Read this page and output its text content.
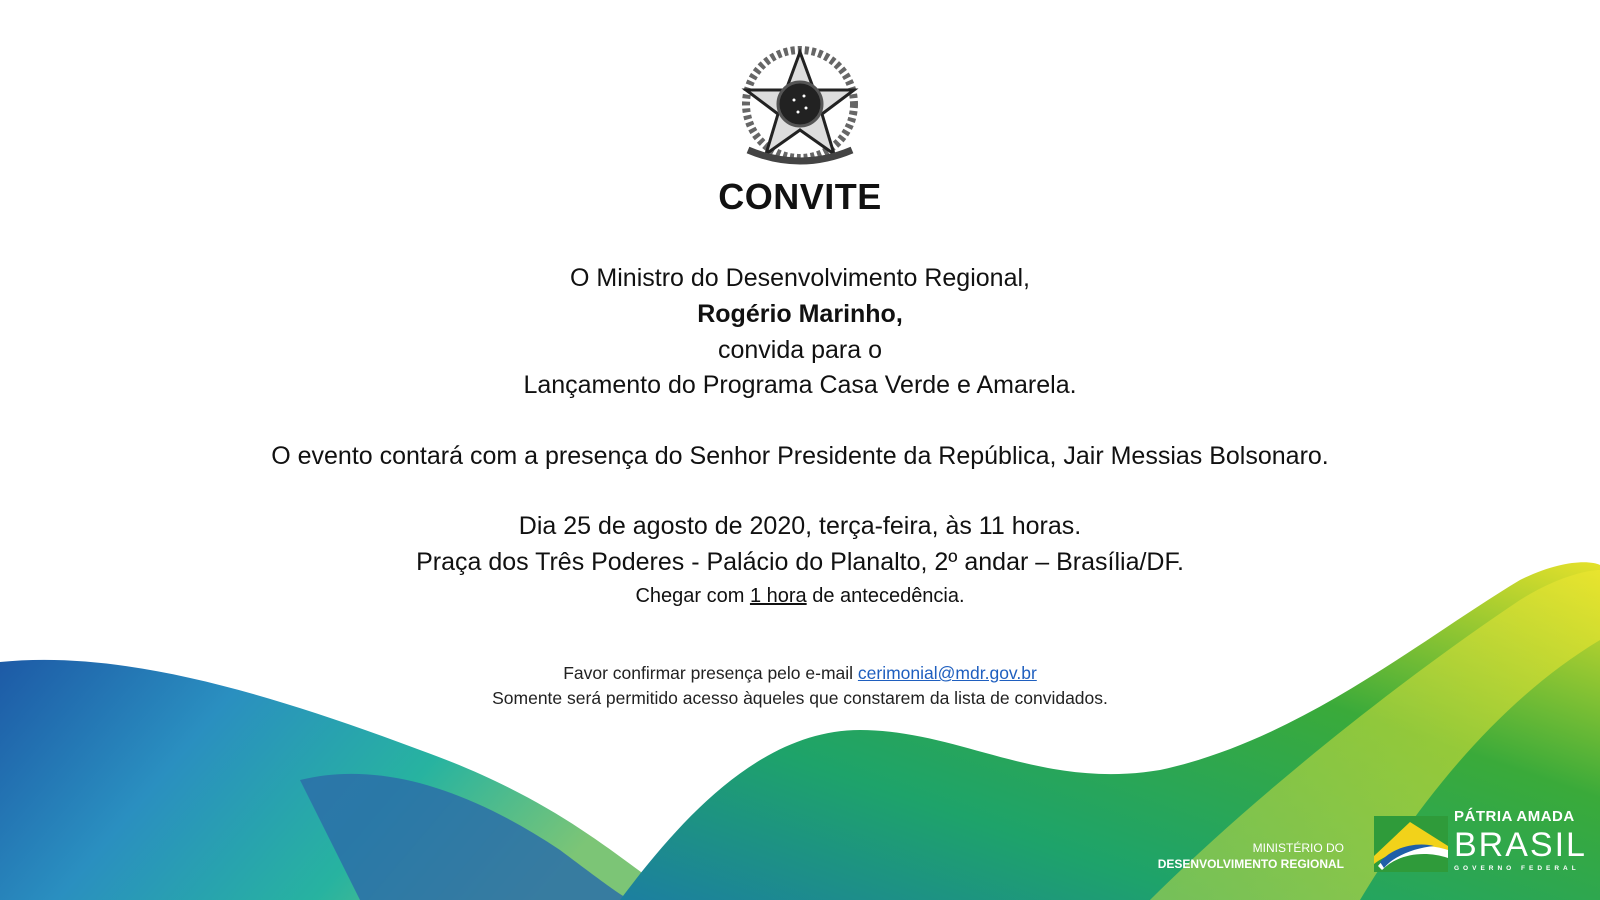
CONVITE
O Ministro do Desenvolvimento Regional,
Rogério Marinho,
convida para o
Lançamento do Programa Casa Verde e Amarela.
O evento contará com a presença do Senhor Presidente da República, Jair Messias Bolsonaro.
Dia 25 de agosto de 2020, terça-feira, às 11 horas.
Praça dos Três Poderes - Palácio do Planalto, 2º andar – Brasília/DF.
Chegar com 1 hora de antecedência.
Favor confirmar presença pelo e-mail cerimonial@mdr.gov.br
Somente será permitido acesso àqueles que constarem da lista de convidados.
MINISTÉRIO DO
DESENVOLVIMENTO REGIONAL
PÁTRIA AMADA
BRASIL
GOVERNO FEDERAL
